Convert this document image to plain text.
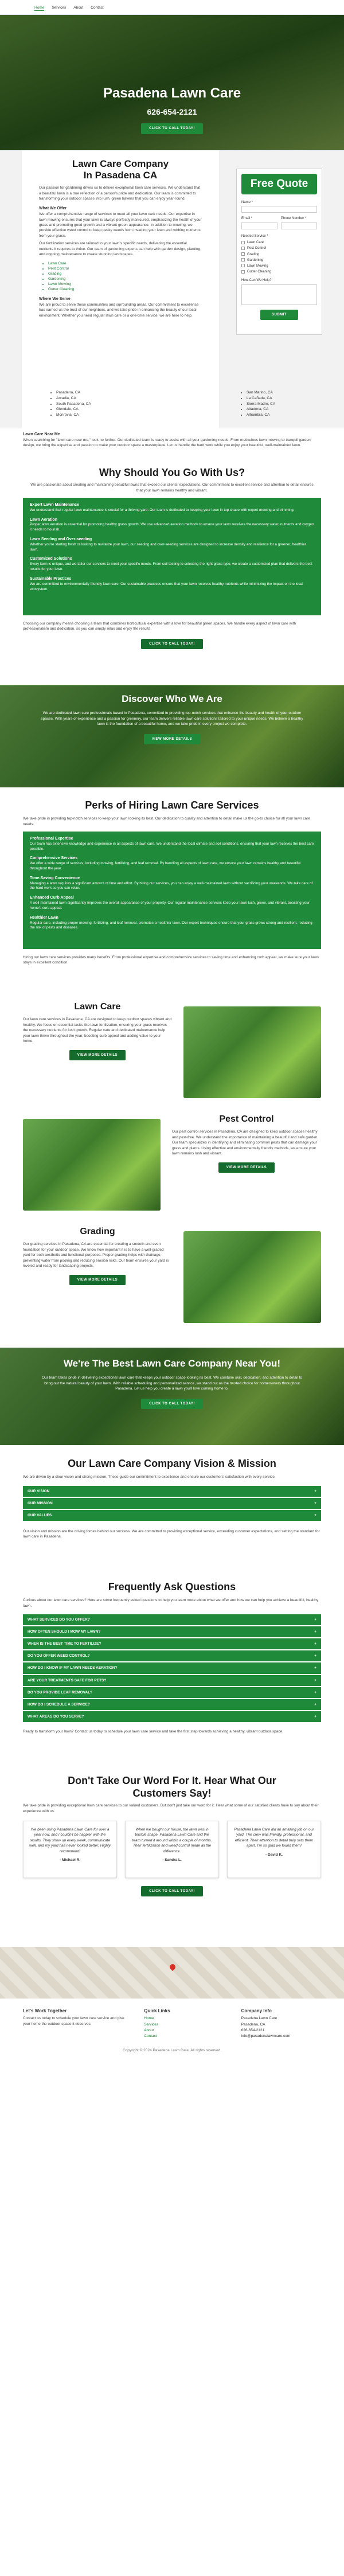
Home Services About Contact
Pasadena Lawn Care
626-654-2121
CLICK TO CALL TODAY!
Lawn Care Company
In Pasadena CA
Our passion for gardening drives us to deliver exceptional lawn care services. We understand that a beautiful lawn is a true reflection of a person's pride and dedication. Our team is committed to transforming your outdoor spaces into lush, green havens that you can enjoy year-round.
What We Offer
We offer a comprehensive range of services to meet all your lawn care needs. Our expertise in lawn mowing ensures that your lawn is always perfectly manicured, emphasizing the health of your grass and promoting good growth and a vibrant green appearance. In addition to mowing, we provide effective weed control to keep pesky weeds from invading your lawn and robbing nutrients from your grass.
Our fertilization services are tailored to your lawn's specific needs, delivering the essential nutrients it requires to thrive. Our team of gardening experts can help with garden design, planting, and ongoing maintenance to create stunning landscapes.
• Lawn Care
• Pest Control
• Grading
• Gardening
• Lawn Mowing
• Gutter Cleaning
Where We Serve
We are proud to serve these communities and surrounding areas. Our commitment to excellence has earned us the trust of our neighbors, and we take pride in enhancing the beauty of our local environment. Whether you need regular lawn care or a one-time service, we are here to help.
Free Quote
Name *
Email *	Phone Number *
Needed Service *
Lawn Care
Pest Control
Grading
Gardening
Lawn Mowing
Gutter Cleaning
How Can We Help?
SUBMIT
• Pasadena, CA
• Arcadia, CA
• South Pasadena, CA
• Glendale, CA
• Monrovia, CA
• San Marino, CA
• La Cañada, CA
• Sierra Madre, CA
• Altadena, CA
• Alhambra, CA
Lawn Care Near Me
When searching for "lawn care near me," look no further. Our dedicated team is ready to assist with all your gardening needs. From meticulous lawn mowing to tranquil garden design, we bring the expertise and passion to make your outdoor space a masterpiece. Let us handle the hard work while you enjoy your beautiful, well-maintained lawn.
Why Should You Go With Us?
We are passionate about creating and maintaining beautiful lawns that exceed our clients' expectations. Our commitment to excellent service and attention to detail ensures that your lawn remains healthy and vibrant.
Expert Lawn Maintenance
We understand that regular lawn maintenance is crucial for a thriving yard. Our team is dedicated to keeping your lawn in top shape with expert mowing and trimming.
Lawn Aeration
Proper lawn aeration is essential for promoting healthy grass growth. We use advanced aeration methods to ensure your lawn receives the necessary water, nutrients and oxygen it needs to flourish.
Lawn Seeding and Over-seeding
Whether you're starting fresh or looking to revitalize your lawn, our seeding and over-seeding services are designed to increase density and resilience for a greener, healthier lawn.
Customized Solutions
Every lawn is unique, and we tailor our services to meet your specific needs. From soil testing to selecting the right grass type, we create a customized plan that delivers the best results for your lawn.
Sustainable Practices
We are committed to environmentally friendly lawn care. Our sustainable practices ensure that your lawn receives healthy nutrients while minimizing the impact on the local ecosystem.
Choosing our company means choosing a team that combines horticultural expertise with a love for beautiful green spaces. We handle every aspect of lawn care with professionalism and dedication, so you can simply relax and enjoy the results.
CLICK TO CALL TODAY!
Discover Who We Are
We are dedicated lawn care professionals based in Pasadena, committed to providing top-notch services that enhance the beauty and health of your outdoor spaces. With years of experience and a passion for greenery, our team delivers reliable lawn care solutions tailored to your unique needs. We believe a healthy lawn is the foundation of a beautiful home, and we take pride in every project we complete.
VIEW MORE DETAILS
Perks of Hiring Lawn Care Services
We take pride in providing top-notch services to keep your lawn looking its best. Our dedication to quality and attention to detail make us the go-to choice for all your lawn care needs.
Professional Expertise
Our team has extensive knowledge and experience in all aspects of lawn care. We understand the local climate and soil conditions, ensuring that your lawn receives the best care possible.
Comprehensive Services
We offer a wide range of services, including mowing, fertilizing, and leaf removal. By handling all aspects of lawn care, we ensure your lawn remains healthy and beautiful throughout the year.
Time-Saving Convenience
Managing a lawn requires a significant amount of time and effort. By hiring our services, you can enjoy a well-maintained lawn without sacrificing your weekends. We take care of the hard work so you can relax.
Enhanced Curb Appeal
A well-maintained lawn significantly improves the overall appearance of your property. Our regular maintenance services keep your lawn lush, green, and vibrant, boosting your home's curb appeal.
Healthier Lawn
Regular care, including proper mowing, fertilizing, and leaf removal, promotes a healthier lawn. Our expert techniques ensure that your grass grows strong and resilient, reducing the risk of pests and diseases.
Hiring our lawn care services provides many benefits. From professional expertise and comprehensive services to saving time and enhancing curb appeal, we make sure your lawn stays in excellent condition.
Lawn Care
Our lawn care services in Pasadena, CA are designed to keep outdoor spaces vibrant and healthy. We focus on essential tasks like lawn fertilization, ensuring your grass receives the necessary nutrients for lush growth. Regular care and dedicated maintenance help your lawn thrive throughout the year, boosting curb appeal and adding value to your home.
VIEW MORE DETAILS
Pest Control
Our pest control services in Pasadena, CA are designed to keep outdoor spaces healthy and pest-free. We understand the importance of maintaining a beautiful and safe garden. Our team specializes in identifying and eliminating common pests that can damage your grass and plants. Using effective and environmentally friendly methods, we ensure your lawn remains lush and vibrant.
VIEW MORE DETAILS
Grading
Our grading services in Pasadena, CA are essential for creating a smooth and even foundation for your outdoor space. We know how important it is to have a well-graded yard for both aesthetic and functional purposes. Proper grading helps with drainage, preventing water from pooling and reducing erosion risks. Our team ensures your yard is leveled and ready for landscaping projects.
VIEW MORE DETAILS
We're The Best Lawn Care Company Near You!
Our team takes pride in delivering exceptional lawn care that keeps your outdoor space looking its best. We combine skill, dedication, and attention to detail to bring out the natural beauty of your lawn. With reliable scheduling and personalized service, we stand out as the trusted choice for homeowners throughout Pasadena. Let us help you create a lawn you'll love coming home to.
CLICK TO CALL TODAY!
Our Lawn Care Company Vision & Mission
We are driven by a clear vision and strong mission. These guide our commitment to excellence and ensure our customers' satisfaction with every service.
OUR VISION	+
OUR MISSION	+
OUR VALUES	+
Our vision and mission are the driving forces behind our success. We are committed to providing exceptional service, exceeding customer expectations, and setting the standard for lawn care in Pasadena.
Frequently Ask Questions
Curious about our lawn care services? Here are some frequently asked questions to help you learn more about what we offer and how we can help you achieve a beautiful, healthy lawn.
WHAT SERVICES DO YOU OFFER?	+
HOW OFTEN SHOULD I MOW MY LAWN?	+
WHEN IS THE BEST TIME TO FERTILIZE?	+
DO YOU OFFER WEED CONTROL?	+
HOW DO I KNOW IF MY LAWN NEEDS AERATION?	+
ARE YOUR TREATMENTS SAFE FOR PETS?	+
DO YOU PROVIDE LEAF REMOVAL?	+
HOW DO I SCHEDULE A SERVICE?	+
WHAT AREAS DO YOU SERVE?	+
Ready to transform your lawn? Contact us today to schedule your lawn care service and take the first step towards achieving a healthy, vibrant outdoor space.
Don't Take Our Word For It. Hear What Our Customers Say!
We take pride in providing exceptional lawn care services to our valued customers. But don't just take our word for it. Hear what some of our satisfied clients have to say about their experience with us.
I've been using Pasadena Lawn Care for over a year now, and I couldn't be happier with the results. They show up every week, communicate well, and my yard has never looked better. Highly recommend!
- Michael R.
When we bought our house, the lawn was in terrible shape. Pasadena Lawn Care and the team turned it around within a couple of months. Their fertilization and weed control made all the difference.
- Sandra L.
Pasadena Lawn Care did an amazing job on our yard. The crew was friendly, professional, and efficient. Their attention to detail truly sets them apart. I'm so glad we found them!
- David K.
CLICK TO CALL TODAY!
Let's Work Together
Contact us today to schedule your lawn care service and give your home the outdoor space it deserves.
Quick Links
Home
Services
About
Contact
Company Info
Pasadena Lawn Care
Pasadena, CA
626-654-2121
info@pasadenalawncare.com
Copyright © 2024 Pasadena Lawn Care. All rights reserved.
